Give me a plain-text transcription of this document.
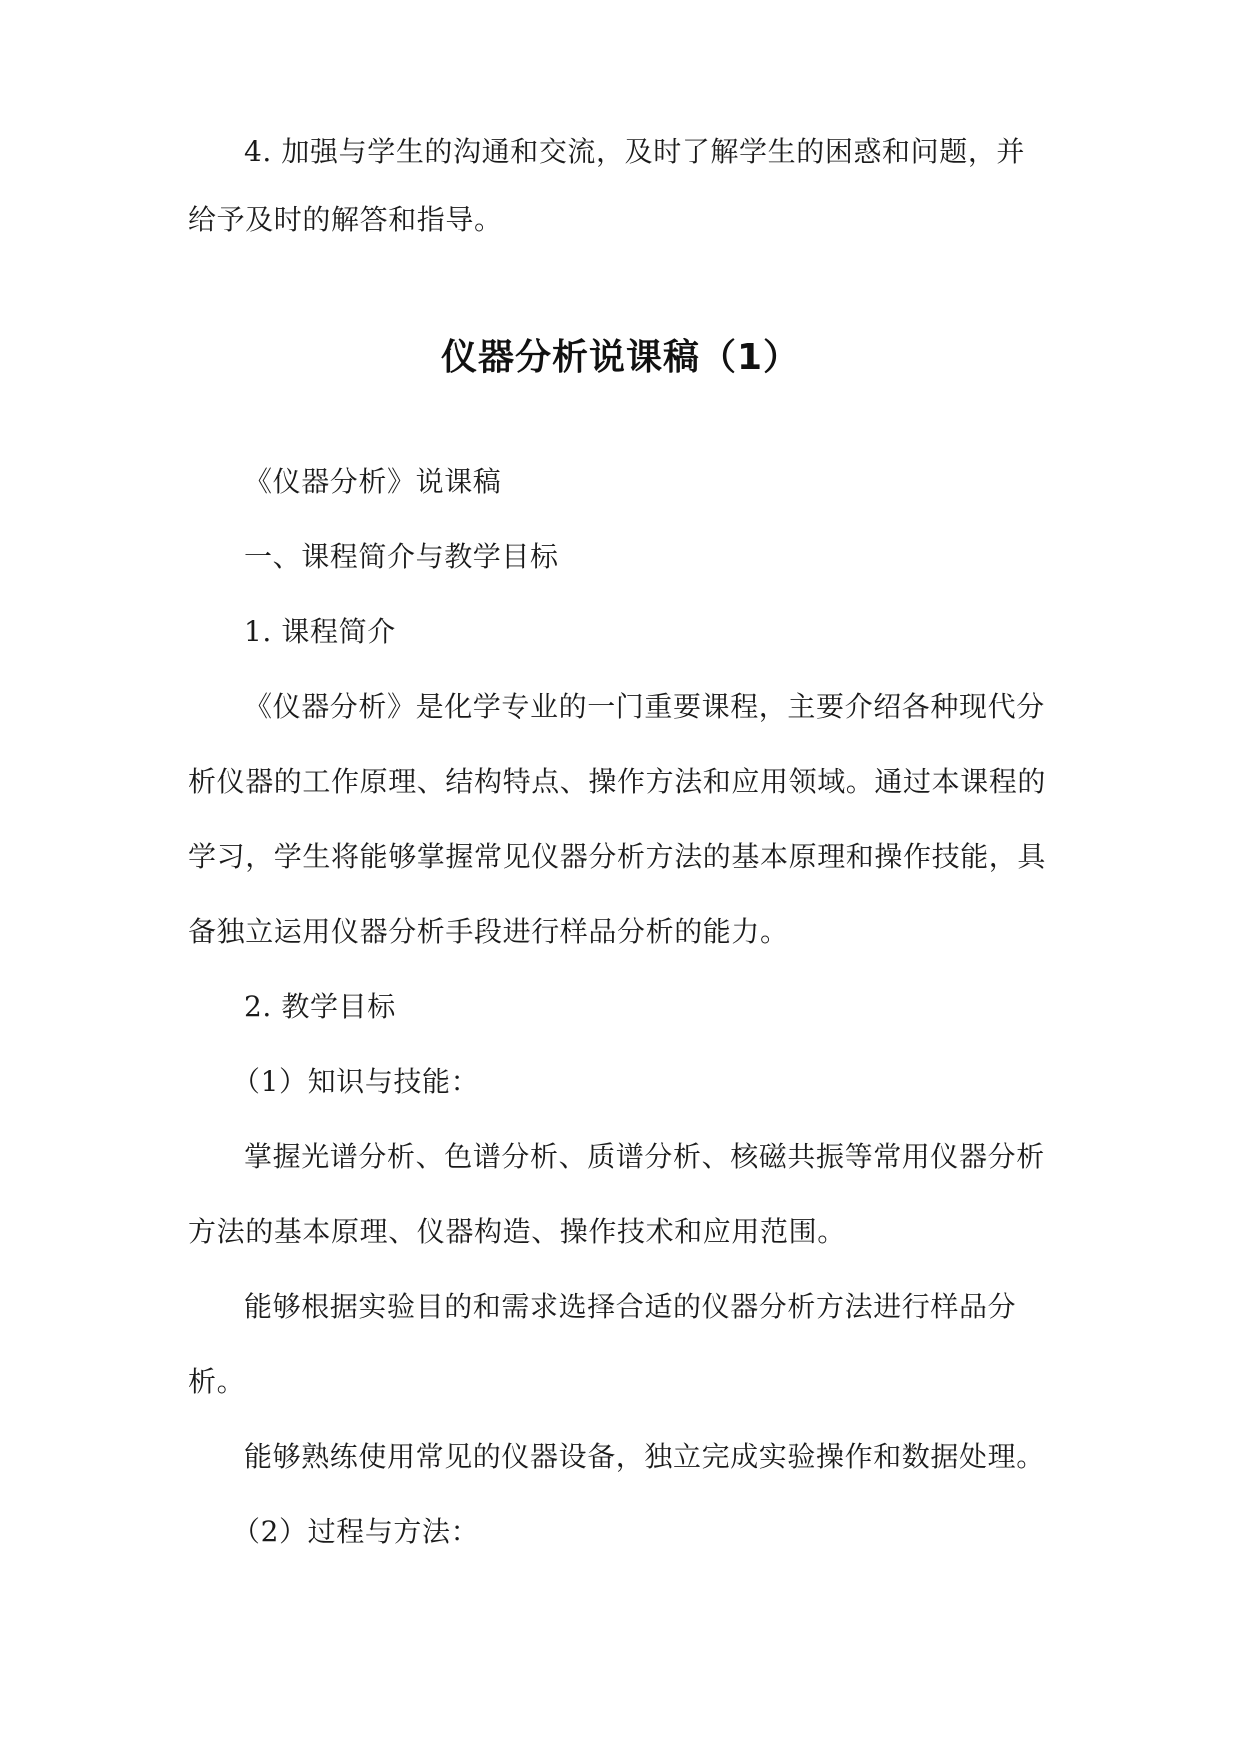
4. 加强与学生的沟通和交流，及时了解学生的困惑和问题，并
给予及时的解答和指导。
仪器分析说课稿（1）
《仪器分析》说课稿
一、课程简介与教学目标
1. 课程简介
《仪器分析》是化学专业的一门重要课程，主要介绍各种现代分
析仪器的工作原理、结构特点、操作方法和应用领域。通过本课程的
学习，学生将能够掌握常见仪器分析方法的基本原理和操作技能，具
备独立运用仪器分析手段进行样品分析的能力。
2. 教学目标
（1）知识与技能：
掌握光谱分析、色谱分析、质谱分析、核磁共振等常用仪器分析
方法的基本原理、仪器构造、操作技术和应用范围。
能够根据实验目的和需求选择合适的仪器分析方法进行样品分
析。
能够熟练使用常见的仪器设备，独立完成实验操作和数据处理。
（2）过程与方法：
